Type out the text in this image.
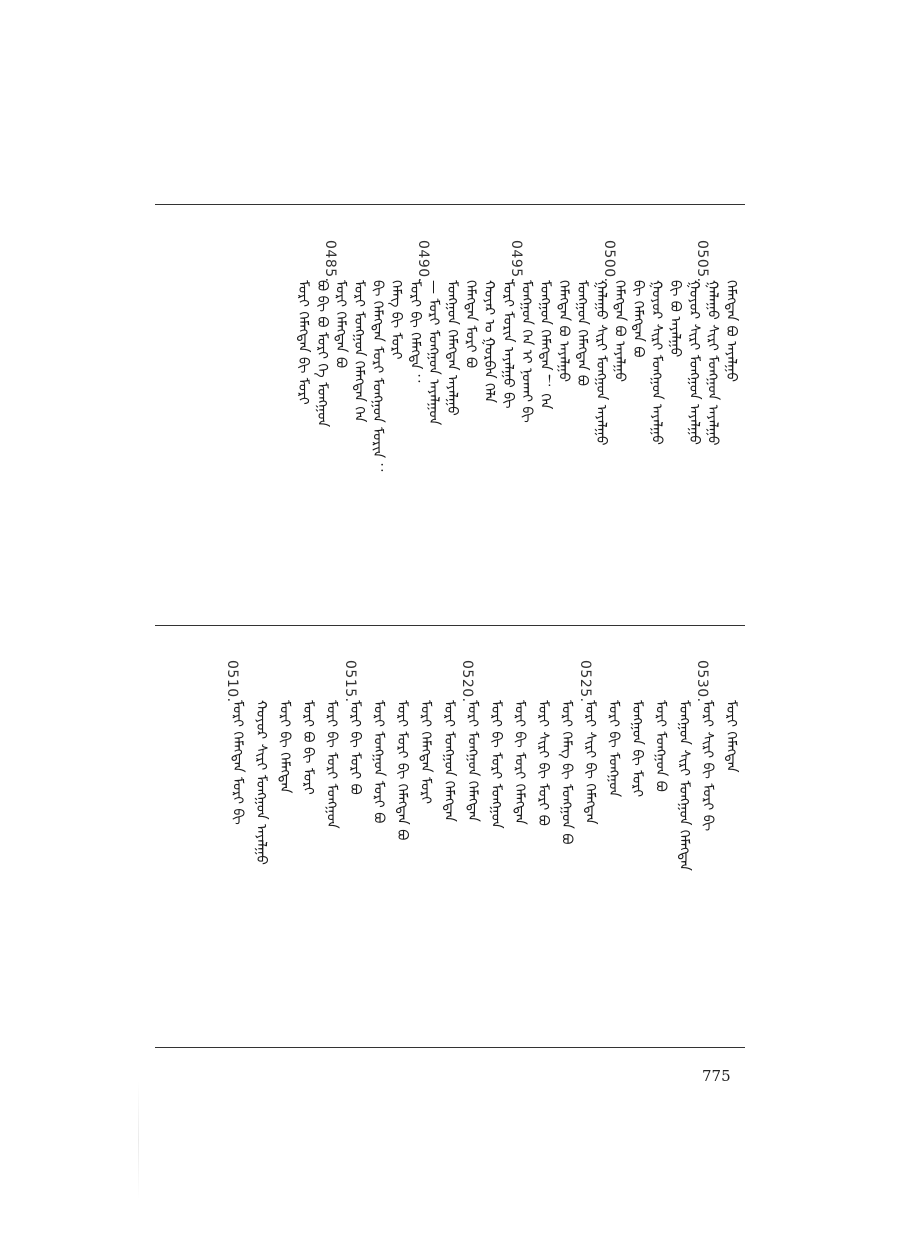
ᠬᠡᠮᠡᠭᠳᠡᠨ ᠪᠣ ᠠᠶᠠᠯᠭᠤ
0505.
ᠭᠠᠯᠠᠭᠤ ᠰᠢᠷᠢ ᠮᠤᠩᠭᠤᠨ ᠠᠶᠠᠯᠭᠤ
ᠭᠤᠶᠤᠷ ᠰᠢᠷᠢ ᠮᠤᠩᠭᠤᠨ ᠠᠶᠠᠯᠭᠤ
ᠪᠢ ᠪᠣ ᠠᠶᠠᠯᠭᠤ
ᠭᠤᠶᠤᠷ ᠰᠢᠷᠢ ᠮᠤᠩᠭᠤᠨ ᠠᠶᠠᠯᠭᠤ
ᠪᠢ ᠬᠡᠮᠡᠭᠳᠡᠨ ᠪᠣ
0500.
ᠬᠡᠮᠡᠭᠳᠡᠨ ᠪᠣ ᠠᠶᠠᠯᠭᠤ
ᠭᠠᠯᠠᠭᠤ ᠰᠢᠷᠢ ᠮᠤᠩᠭᠤᠨ ᠠᠶᠠᠯᠭᠤ
ᠮᠤᠩᠭᠤᠨ ᠬᠡᠮᠡᠭᠳᠡᠨ ᠪᠣ
ᠬᠡᠮᠡᠭᠳᠡᠨ ᠪᠣ ᠠᠶᠠᠯᠭᠤ
ᠮᠤᠩᠭᠤᠨ ᠬᠡᠮᠡᠭᠳᠡᠨ ！ ᠭᠡᠨ
0495.
ᠮᠤᠩᠭᠤᠨ ᠬᠡᠨ ᠢ ᠨᠣᠬᠠᠢ ᠪᠢ
ᠮᠣᠷᠢ ᠮᠣᠷᠢᠨ ᠠᠶᠠᠯᠭᠤ ᠪᠢ
ᠬᠣᠶᠠᠷ ᠤ ᠭᠤᠷᠪᠠᠨ ᠬᠡᠯᠡ
ᠬᠡᠮᠡᠭᠳᠡᠨ ᠮᠣᠷᠢ ᠪᠣ
ᠮᠤᠩᠭᠤᠨ ᠬᠡᠮᠡᠭᠳᠡᠨ ᠠᠶᠠᠯᠭᠤ
0490.
— ᠮᠣᠷᠢ ᠮᠤᠩᠭᠤᠨ ᠠᠶᠠᠯᠭᠤᠨ
ᠮᠣᠷᠢ ᠪᠢ ᠬᠡᠮᠡᠭᠳᠡ ：
ᠬᠡᠮᠡᠭ ᠪᠢ ᠮᠣᠷᠢ
ᠪᠢ ᠬᠡᠮᠡᠭᠳᠡᠨ ᠮᠣᠷᠢ ᠮᠤᠩᠭᠤᠨ ᠮᠣᠷᠢᠨ ：
ᠮᠣᠷᠢ ᠮᠤᠩᠭᠤᠨ ᠬᠡᠮᠡᠭᠳᠡᠨ ᠭᠡᠨ
0485.
ᠮᠣᠷᠢ ᠬᠡᠮᠡᠭᠳᠡᠨ ᠪᠣ
ᠪᠣ ᠪᠢ ᠪᠣ ᠮᠣᠷᠢ ᠬᠡ ᠮᠤᠩᠭᠤᠨ
ᠮᠣᠷᠢ ᠬᠡᠮᠡᠭᠳᠡᠨ ᠪᠢ ᠮᠣᠷᠢ
ᠮᠣᠷᠢ ᠬᠡᠮᠡᠭᠳᠡᠨ
0530.
ᠮᠣᠷᠢ ᠰᠢᠷᠢ ᠪᠢ ᠮᠣᠷᠢ ᠪᠢ
ᠮᠤᠩᠭᠤᠨ ᠰᠢᠷᠢ ᠮᠤᠩᠭᠤᠨ ᠬᠡᠮᠡᠭᠳᠡᠨ
ᠮᠣᠷᠢ ᠮᠤᠩᠭᠤᠨ ᠪᠣ
ᠮᠤᠩᠭᠤᠨ ᠪᠢ ᠮᠣᠷᠢ
ᠮᠣᠷᠢ ᠪᠢ ᠮᠤᠩᠭᠤᠨ
0525.
ᠮᠣᠷᠢ ᠰᠢᠷᠢ ᠪᠢ ᠬᠡᠮᠡᠭᠳᠡᠨ
ᠮᠣᠷᠢ ᠬᠡᠮᠡᠭ ᠪᠢ ᠮᠤᠩᠭᠤᠨ ᠪᠣ
ᠮᠣᠷᠢ ᠰᠢᠷᠢ ᠪᠢ ᠮᠣᠷᠢ ᠪᠣ
ᠮᠣᠷᠢ ᠪᠢ ᠮᠣᠷᠢ ᠬᠡᠮᠡᠭᠳᠡᠨ
ᠮᠣᠷᠢ ᠪᠢ ᠮᠣᠷᠢ ᠮᠤᠩᠭᠤᠨ
0520.
ᠮᠣᠷᠢ ᠮᠤᠩᠭᠤᠨ ᠬᠡᠮᠡᠭᠳᠡᠨ
ᠮᠣᠷᠢ ᠮᠤᠩᠭᠤᠨ ᠬᠡᠮᠡᠭᠳᠡᠨ
ᠮᠣᠷᠢ ᠬᠡᠮᠡᠭᠳᠡᠨ ᠮᠣᠷᠢ
ᠮᠣᠷᠢ ᠮᠣᠷᠢ ᠪᠢ ᠬᠡᠮᠡᠭᠳᠡᠨ ᠪᠣ
ᠮᠣᠷᠢ ᠮᠤᠩᠭᠤᠨ ᠮᠣᠷᠢ ᠪᠣ
0515.
ᠮᠣᠷᠢ ᠪᠢ ᠮᠣᠷᠢ ᠪᠣ
ᠮᠣᠷᠢ ᠪᠢ ᠮᠣᠷᠢ ᠮᠤᠩᠭᠤᠨ
ᠮᠣᠷᠢ ᠪᠣ ᠪᠢ ᠮᠣᠷᠢ
ᠮᠣᠷᠢ ᠪᠢ ᠬᠡᠮᠡᠭᠳᠡᠨ
ᠬᠣᠶᠤᠷ ᠰᠢᠷᠢ ᠮᠤᠩᠭᠤᠨ ᠠᠶᠠᠯᠭᠤ
0510.
ᠮᠣᠷᠢ ᠬᠡᠮᠡᠭᠳᠡᠨ ᠮᠣᠷᠢ ᠪᠢ
775
